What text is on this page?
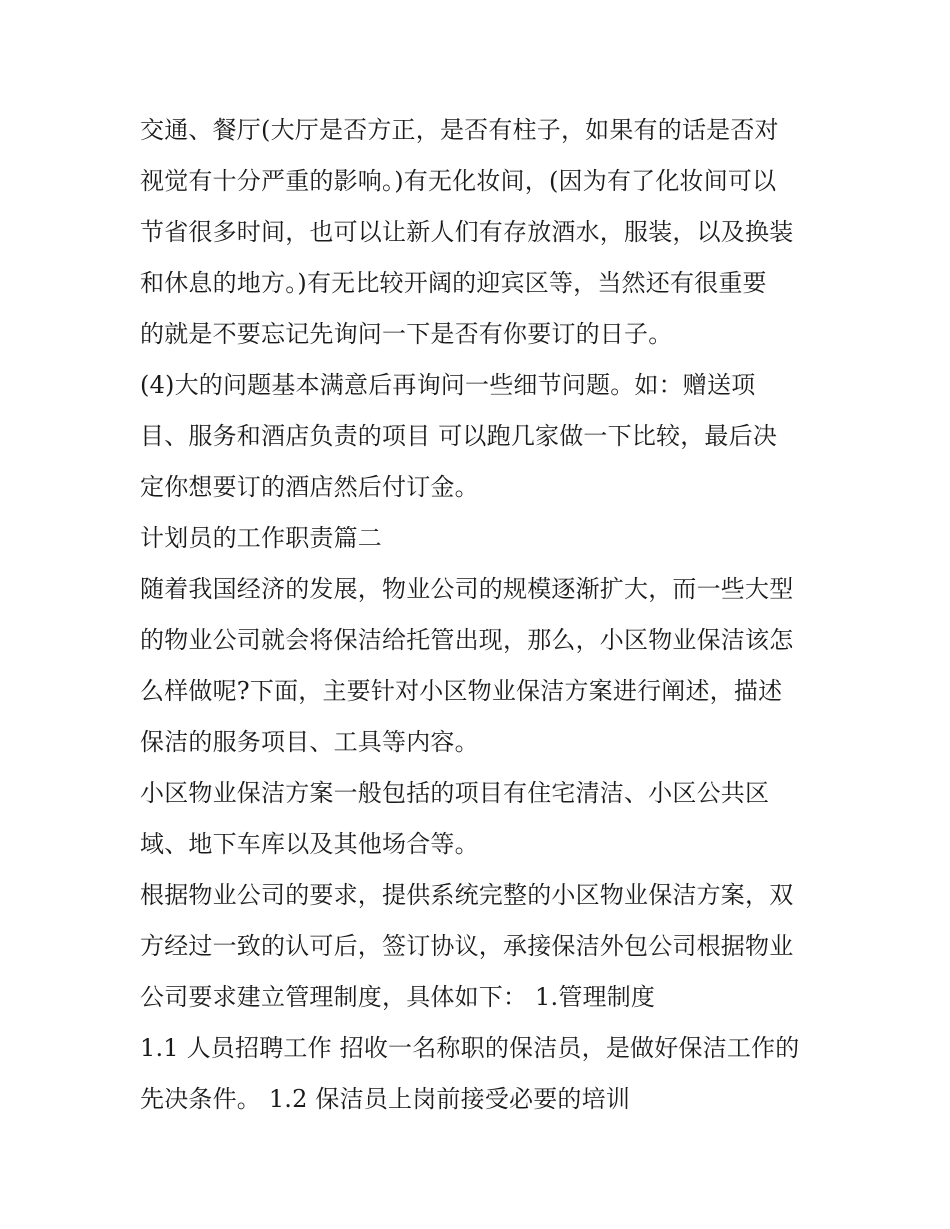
交通、餐厅(大厅是否方正，是否有柱子，如果有的话是否对
视觉有十分严重的影响。)有无化妆间，(因为有了化妆间可以
节省很多时间，也可以让新人们有存放酒水，服装，以及换装
和休息的地方。)有无比较开阔的迎宾区等，当然还有很重要
的就是不要忘记先询问一下是否有你要订的日子。
(4)大的问题基本满意后再询问一些细节问题。如：赠送项
目、服务和酒店负责的项目 可以跑几家做一下比较，最后决
定你想要订的酒店然后付订金。
计划员的工作职责篇二
随着我国经济的发展，物业公司的规模逐渐扩大，而一些大型
的物业公司就会将保洁给托管出现，那么，小区物业保洁该怎
么样做呢?下面，主要针对小区物业保洁方案进行阐述，描述
保洁的服务项目、工具等内容。
小区物业保洁方案一般包括的项目有住宅清洁、小区公共区
域、地下车库以及其他场合等。
根据物业公司的要求，提供系统完整的小区物业保洁方案，双
方经过一致的认可后，签订协议，承接保洁外包公司根据物业
公司要求建立管理制度，具体如下： 1.管理制度
1.1 人员招聘工作 招收一名称职的保洁员，是做好保洁工作的
先决条件。 1.2 保洁员上岗前接受必要的培训
